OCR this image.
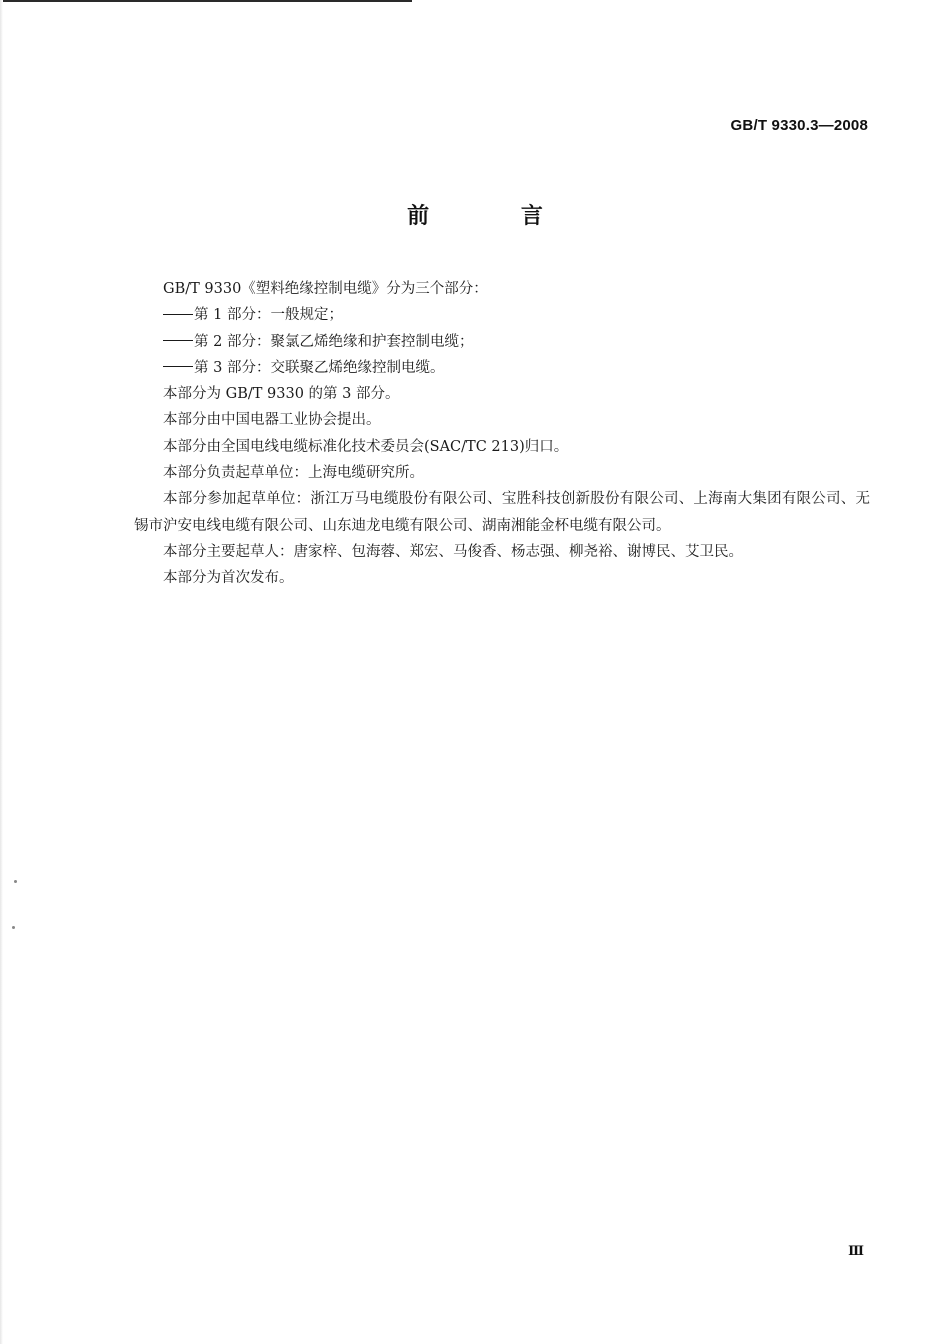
GB/T 9330.3—2008
前 言

GB/T 9330《塑料绝缘控制电缆》分为三个部分：

第 1 部分：一般规定；

第 2 部分：聚氯乙烯绝缘和护套控制电缆；

第 3 部分：交联聚乙烯绝缘控制电缆。

本部分为 GB/T 9330 的第 3 部分。

本部分由中国电器工业协会提出。

本部分由全国电线电缆标准化技术委员会(SAC/TC 213)归口。

本部分负责起草单位：上海电缆研究所。

本部分参加起草单位：浙江万马电缆股份有限公司、宝胜科技创新股份有限公司、上海南大集团有限公司、无锡市沪安电线电缆有限公司、山东迪龙电缆有限公司、湖南湘能金杯电缆有限公司。

本部分主要起草人：唐家梓、包海蓉、郑宏、马俊香、杨志强、柳尧裕、谢博民、艾卫民。

本部分为首次发布。

Ⅲ
